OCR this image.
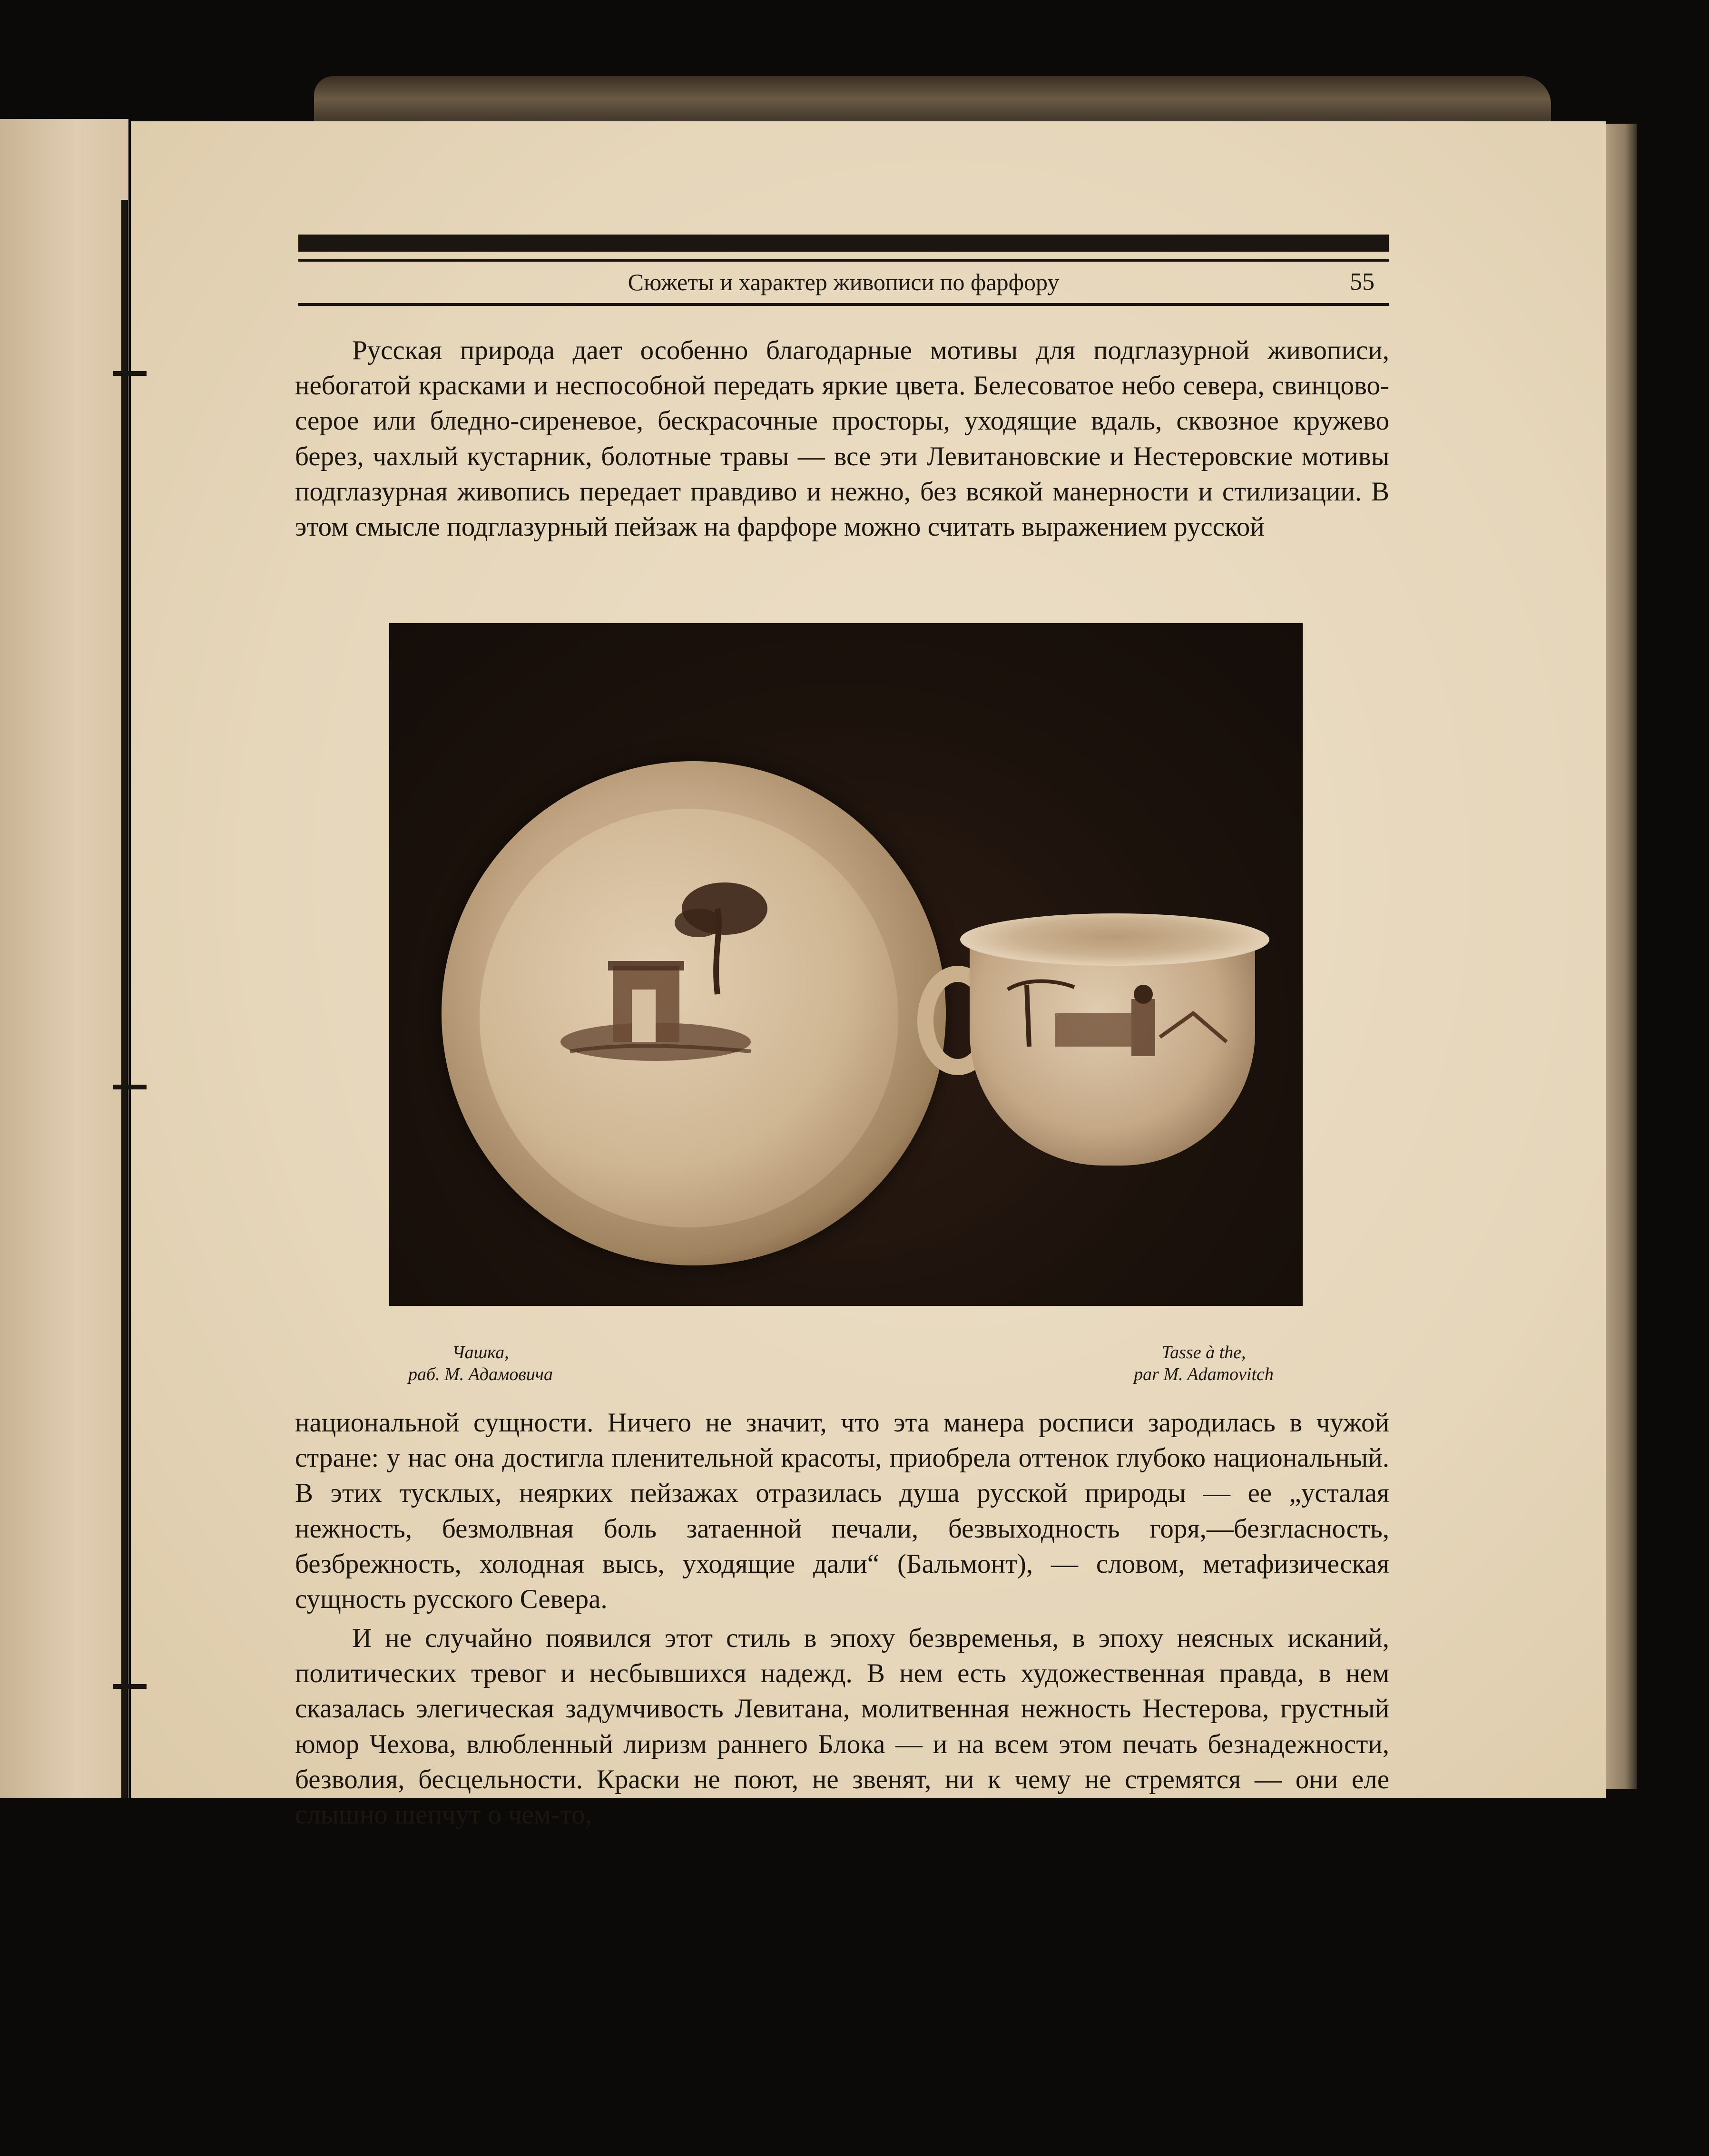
Сюжеты и характер живописи по фарфору	55

Русская природа дает особенно благодарные мотивы для подглазурной живописи, небогатой красками и неспособной передать яркие цвета. Белесоватое небо севера, свинцово-серое или бледно-сиреневое, бескрасочные просторы, уходящие вдаль, сквозное кружево берез, чахлый кустарник, болотные травы — все эти Левитановские и Нестеровские мотивы подглазурная живопись передает правдиво и нежно, без всякой манерности и стилизации. В этом смысле подглазурный пейзаж на фарфоре можно считать выражением русской

Чашка,
раб. М. Адамовича
Tasse à the,
par M. Adamovitch

национальной сущности. Ничего не значит, что эта манера росписи зародилась в чужой стране: у нас она достигла пленительной красоты, приобрела оттенок глубоко национальный. В этих тусклых, неярких пейзажах отразилась душа русской природы — ее „усталая нежность, безмолвная боль затаенной печали, безвыходность горя,—безгласность, безбрежность, холодная высь, уходящие дали“ (Бальмонт), — словом, метафизическая сущность русского Севера.

И не случайно появился этот стиль в эпоху безвременья, в эпоху неясных исканий, политических тревог и несбывшихся надежд. В нем есть художественная правда, в нем сказалась элегическая задумчивость Левитана, молитвенная нежность Нестерова, грустный юмор Чехова, влюбленный лиризм раннего Блока — и на всем этом печать безнадежности, безволия, бесцельности. Краски не поют, не звенят, ни к чему не стремятся — они еле слышно шепчут о чем-то,
